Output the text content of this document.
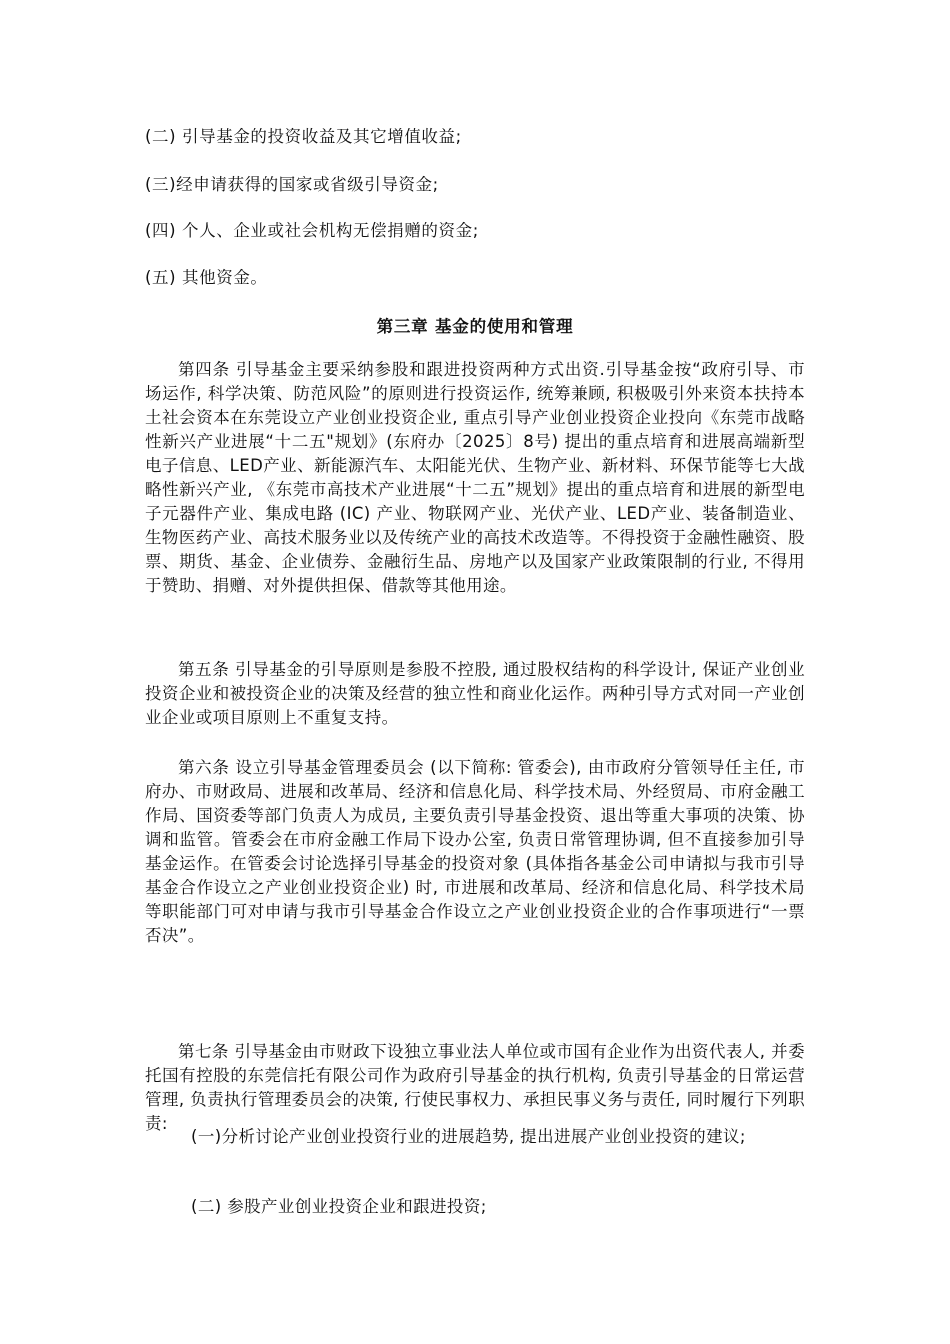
(二) 引导基金的投资收益及其它增值收益;
(三)经申请获得的国家或省级引导资金;
(四) 个人、企业或社会机构无偿捐赠的资金;
(五) 其他资金。
第三章 基金的使用和管理
第四条 引导基金主要采纳参股和跟进投资两种方式出资.引导基金按“政府引导、市场运作, 科学决策、防范风险”的原则进行投资运作, 统筹兼顾, 积极吸引外来资本扶持本土社会资本在东莞设立产业创业投资企业, 重点引导产业创业投资企业投向《东莞市战略性新兴产业进展“十二五"规划》(东府办〔2025〕8号) 提出的重点培育和进展高端新型电子信息、LED产业、新能源汽车、太阳能光伏、生物产业、新材料、环保节能等七大战略性新兴产业, 《东莞市高技术产业进展“十二五”规划》提出的重点培育和进展的新型电子元器件产业、集成电路 (IC) 产业、物联网产业、光伏产业、LED产业、装备制造业、生物医药产业、高技术服务业以及传统产业的高技术改造等。不得投资于金融性融资、股票、期货、基金、企业债券、金融衍生品、房地产以及国家产业政策限制的行业, 不得用于赞助、捐赠、对外提供担保、借款等其他用途。
第五条 引导基金的引导原则是参股不控股, 通过股权结构的科学设计, 保证产业创业投资企业和被投资企业的决策及经营的独立性和商业化运作。两种引导方式对同一产业创业企业或项目原则上不重复支持。
第六条 设立引导基金管理委员会 (以下简称: 管委会), 由市政府分管领导任主任, 市府办、市财政局、进展和改革局、经济和信息化局、科学技术局、外经贸局、市府金融工作局、国资委等部门负责人为成员, 主要负责引导基金投资、退出等重大事项的决策、协调和监管。管委会在市府金融工作局下设办公室, 负责日常管理协调, 但不直接参加引导基金运作。在管委会讨论选择引导基金的投资对象 (具体指各基金公司申请拟与我市引导基金合作设立之产业创业投资企业) 时, 市进展和改革局、经济和信息化局、科学技术局等职能部门可对申请与我市引导基金合作设立之产业创业投资企业的合作事项进行“一票否决”。
第七条 引导基金由市财政下设独立事业法人单位或市国有企业作为出资代表人, 并委托国有控股的东莞信托有限公司作为政府引导基金的执行机构, 负责引导基金的日常运营管理, 负责执行管理委员会的决策, 行使民事权力、承担民事义务与责任, 同时履行下列职责:
(一)分析讨论产业创业投资行业的进展趋势, 提出进展产业创业投资的建议;
(二) 参股产业创业投资企业和跟进投资;
